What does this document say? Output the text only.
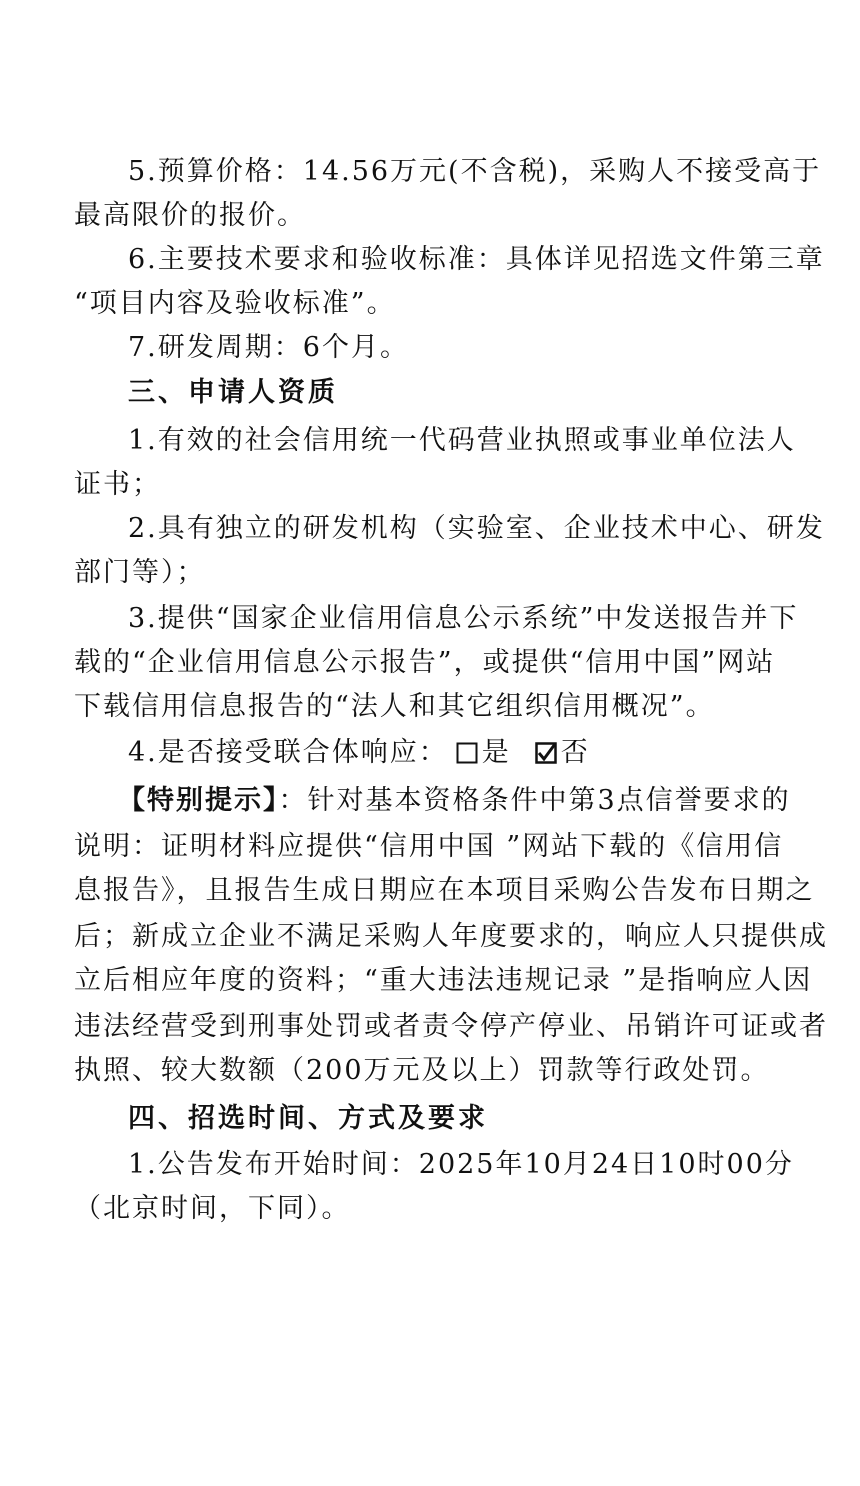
5.预算价格：14.56万元(不含税)，采购人不接受高于
最高限价的报价。
6.主要技术要求和验收标准：具体详见招选文件第三章
“项目内容及验收标准”。
7.研发周期：6个月。
三、申请人资质
1.有效的社会信用统一代码营业执照或事业单位法人
证书；
2.具有独立的研发机构（实验室、企业技术中心、研发
部门等）；
3.提供“国家企业信用信息公示系统”中发送报告并下
载的“企业信用信息公示报告”，或提供“信用中国”网站
下载信用信息报告的“法人和其它组织信用概况”。
4.是否接受联合体响应： 是 否
【特别提示】：针对基本资格条件中第3点信誉要求的
说明：证明材料应提供“信用中国 ”网站下载的《信用信
息报告》，且报告生成日期应在本项目采购公告发布日期之
后；新成立企业不满足采购人年度要求的，响应人只提供成
立后相应年度的资料；“重大违法违规记录 ”是指响应人因
违法经营受到刑事处罚或者责令停产停业、吊销许可证或者
执照、较大数额（200万元及以上）罚款等行政处罚。
四、招选时间、方式及要求
1.公告发布开始时间：2025年10月24日10时00分
（北京时间，下同）。
